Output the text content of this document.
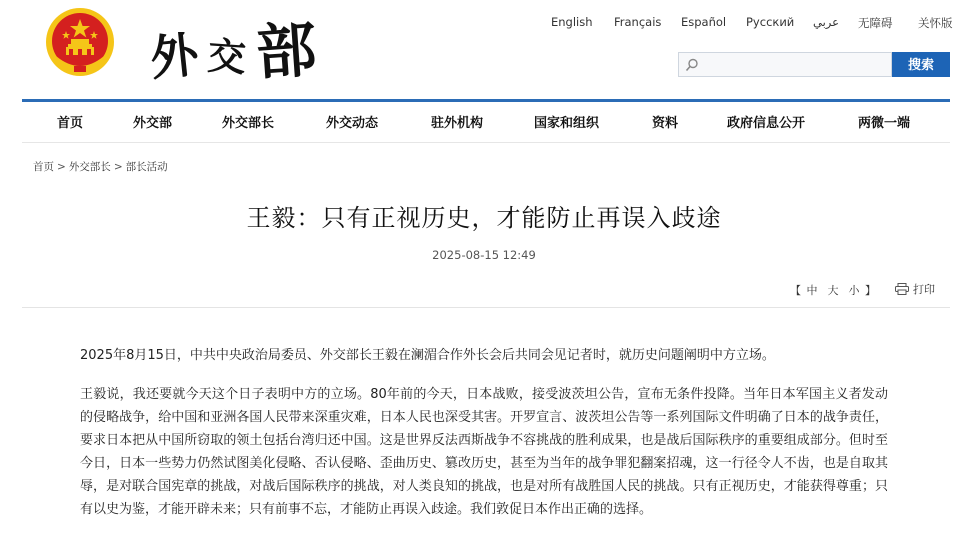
外 交 部	English Français Español Русский عربي 无障碍 关怀版
搜索
首页	外交部	外交部长	外交动态	驻外机构	国家和组织	资料	政府信息公开	两微一端
首页 > 外交部长 > 部长活动
王毅：只有正视历史，才能防止再误入歧途
2025-08-15 12:49
【 中 大 小 】	打印

2025年8月15日，中共中央政治局委员、外交部长王毅在澜湄合作外长会后共同会见记者时，就历史问题阐明中方立场。

王毅说，我还要就今天这个日子表明中方的立场。80年前的今天，日本战败，接受波茨坦公告，宣布无条件投降。当年日本军国主义者发动的侵略战争，给中国和亚洲各国人民带来深重灾难，日本人民也深受其害。开罗宣言、波茨坦公告等一系列国际文件明确了日本的战争责任，要求日本把从中国所窃取的领土包括台湾归还中国。这是世界反法西斯战争不容挑战的胜利成果，也是战后国际秩序的重要组成部分。但时至今日，日本一些势力仍然试图美化侵略、否认侵略、歪曲历史、篡改历史，甚至为当年的战争罪犯翻案招魂，这一行径令人不齿，也是自取其辱，是对联合国宪章的挑战，对战后国际秩序的挑战，对人类良知的挑战，也是对所有战胜国人民的挑战。只有正视历史，才能获得尊重；只有以史为鉴，才能开辟未来；只有前事不忘，才能防止再误入歧途。我们敦促日本作出正确的选择。
